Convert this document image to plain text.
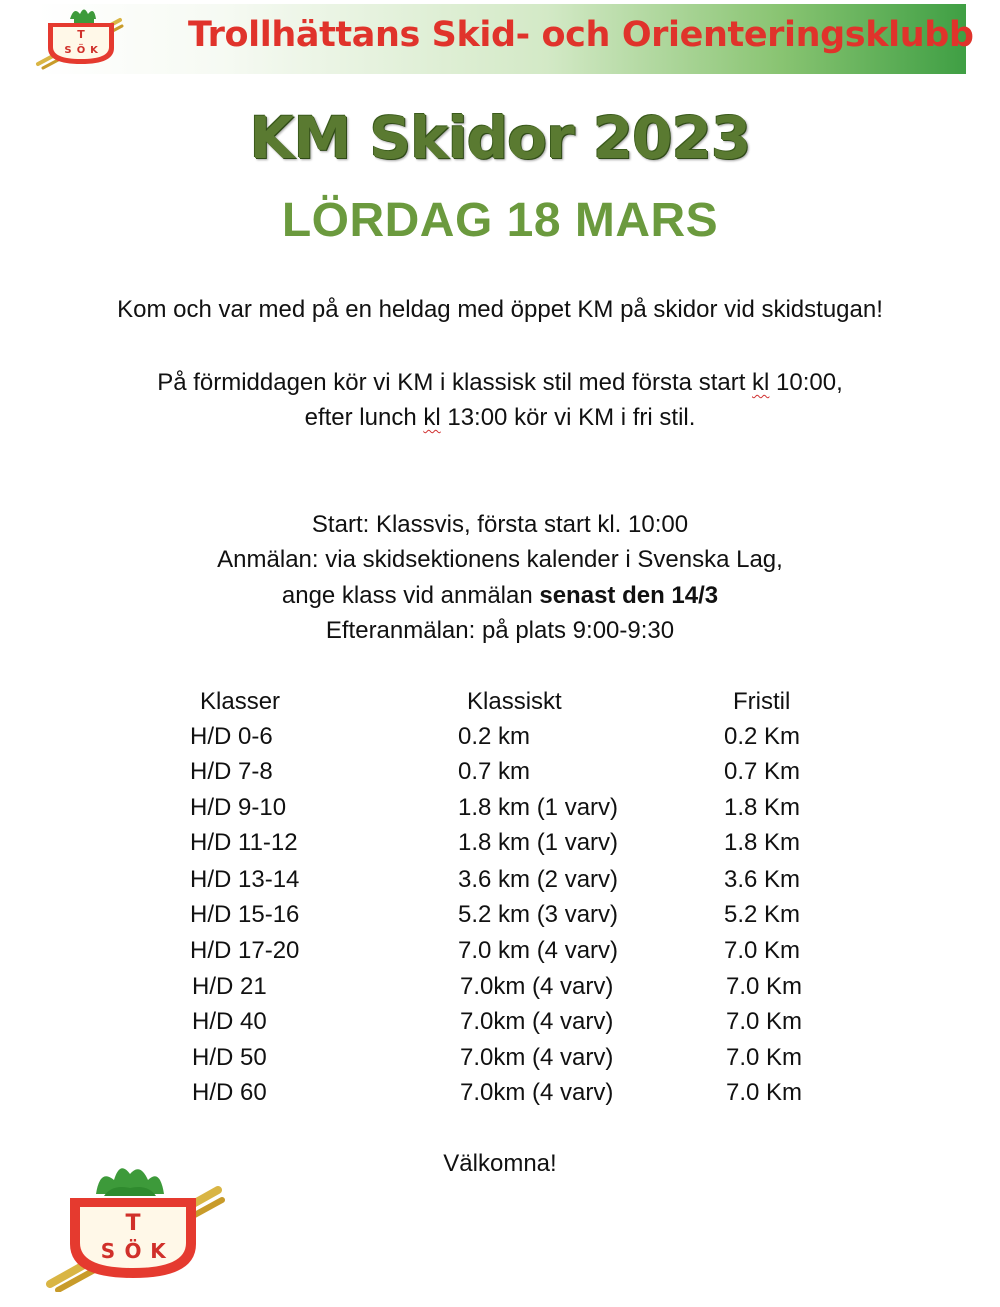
Trollhättans Skid- och Orienteringsklubb
T
S Ö K
KM Skidor 2023
LÖRDAG 18 MARS
Kom och var med på en heldag med öppet KM på skidor vid skidstugan!
På förmiddagen kör vi KM i klassisk stil med första start kl 10:00,
efter lunch kl 13:00 kör vi KM i fri stil.
Start: Klassvis, första start kl. 10:00
Anmälan: via skidsektionens kalender i Svenska Lag,
ange klass vid anmälan senast den 14/3
Efteranmälan: på plats 9:00-9:30
Klasser	Klassiskt	Fristil
H/D 0-6	0.2 km	0.2 Km
H/D 7-8	0.7 km	0.7 Km
H/D 9-10	1.8 km (1 varv)	1.8 Km
H/D 11-12	1.8 km (1 varv)	1.8 Km
H/D 13-14	3.6 km (2 varv)	3.6 Km
H/D 15-16	5.2 km (3 varv)	5.2 Km
H/D 17-20	7.0 km (4 varv)	7.0 Km
H/D 21	7.0km (4 varv)	7.0 Km
H/D 40	7.0km (4 varv)	7.0 Km
H/D 50	7.0km (4 varv)	7.0 Km
H/D 60	7.0km (4 varv)	7.0 Km
Välkomna!
T
S Ö K
